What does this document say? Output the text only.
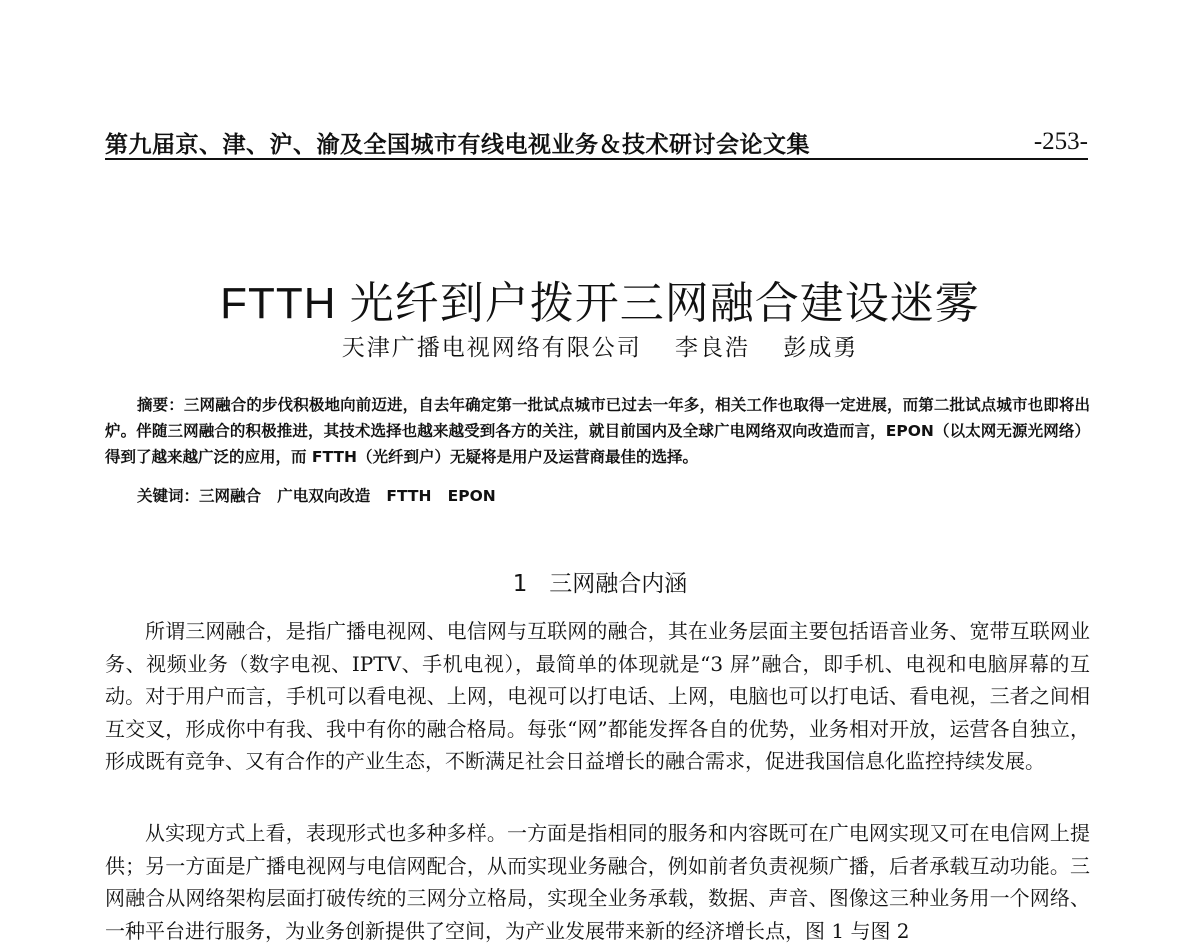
第九届京、津、沪、渝及全国城市有线电视业务＆技术研讨会论文集	-253-
FTTH 光纤到户拨开三网融合建设迷雾
天津广播电视网络有限公司 李良浩 彭成勇

摘要：三网融合的步伐积极地向前迈进，自去年确定第一批试点城市已过去一年多，相关工作也取得一定进展，而第二批试点城市也即将出炉。伴随三网融合的积极推进，其技术选择也越来越受到各方的关注，就目前国内及全球广电网络双向改造而言，EPON（以太网无源光网络）得到了越来越广泛的应用，而 FTTH（光纤到户）无疑将是用户及运营商最佳的选择。

关键词：三网融合   广电双向改造   FTTH   EPON
1   三网融合内涵

所谓三网融合，是指广播电视网、电信网与互联网的融合，其在业务层面主要包括语音业务、宽带互联网业务、视频业务（数字电视、IPTV、手机电视），最简单的体现就是“3 屏”融合，即手机、电视和电脑屏幕的互动。对于用户而言，手机可以看电视、上网，电视可以打电话、上网，电脑也可以打电话、看电视，三者之间相互交叉，形成你中有我、我中有你的融合格局。每张“网”都能发挥各自的优势，业务相对开放，运营各自独立，形成既有竞争、又有合作的产业生态，不断满足社会日益增长的融合需求，促进我国信息化监控持续发展。

从实现方式上看，表现形式也多种多样。一方面是指相同的服务和内容既可在广电网实现又可在电信网上提供；另一方面是广播电视网与电信网配合，从而实现业务融合，例如前者负责视频广播，后者承载互动功能。三网融合从网络架构层面打破传统的三网分立格局，实现全业务承载，数据、声音、图像这三种业务用一个网络、一种平台进行服务，为业务创新提供了空间，为产业发展带来新的经济增长点，图 1 与图 2
